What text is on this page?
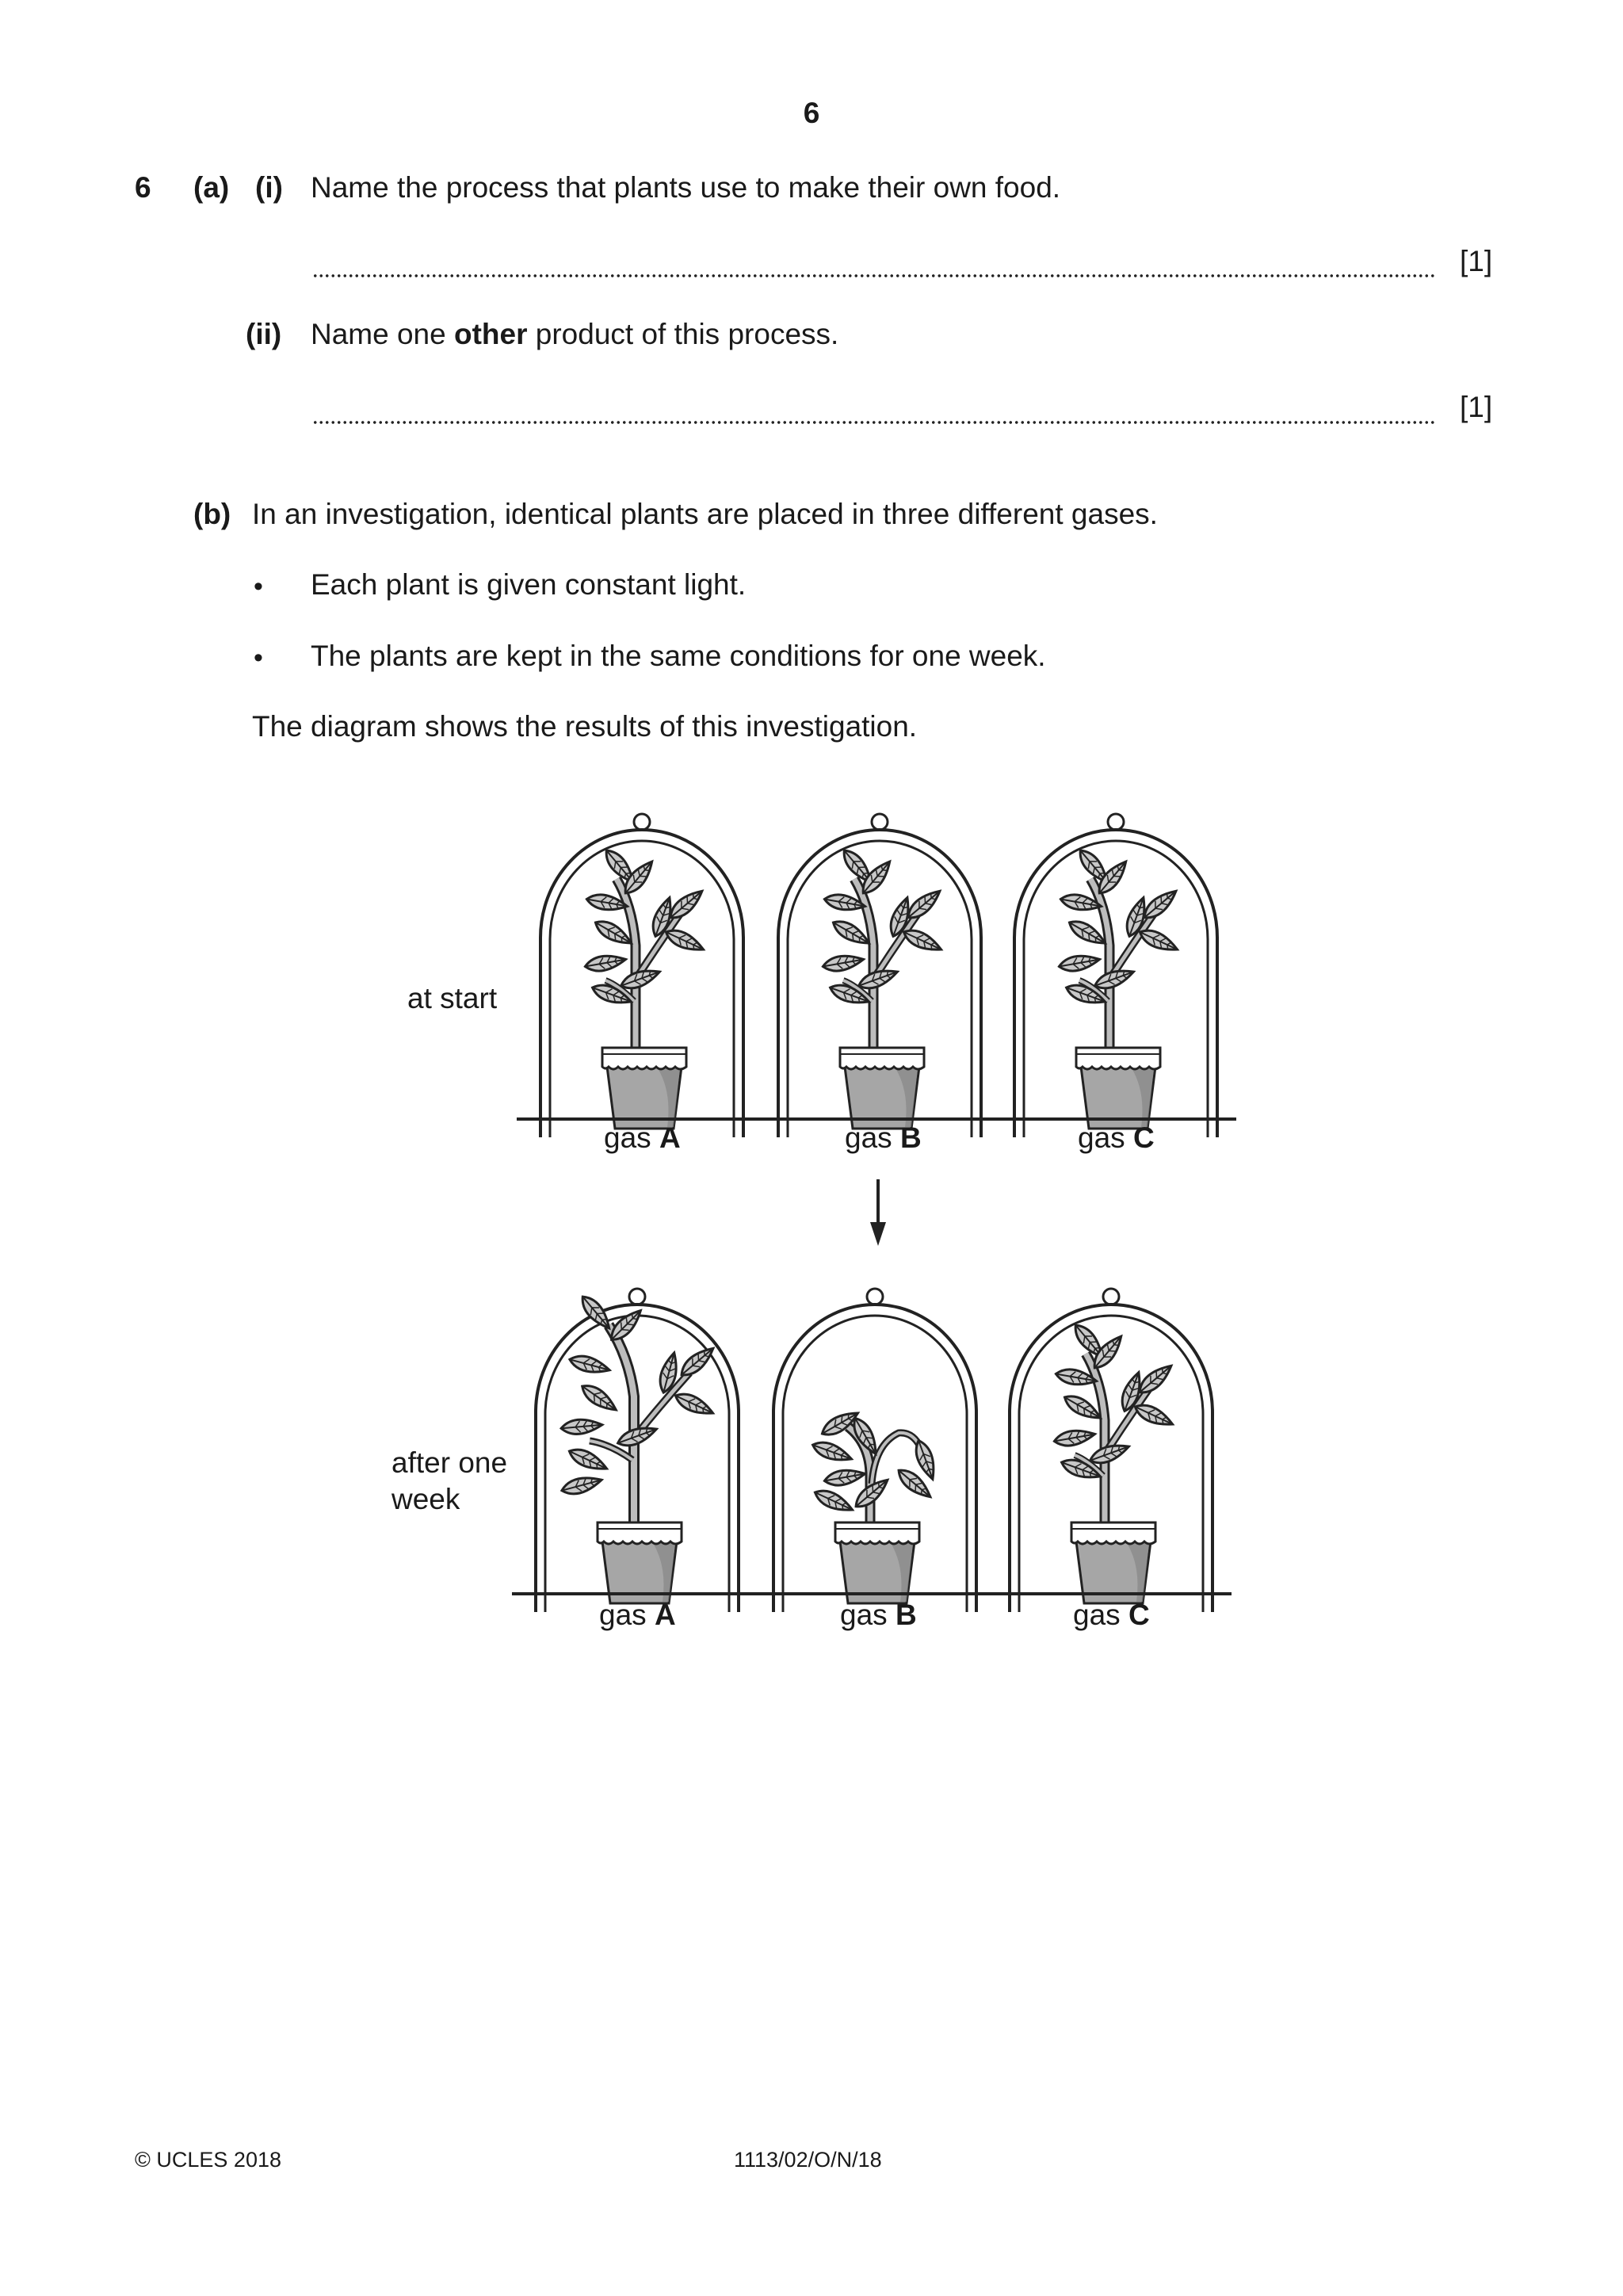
6
6 (a) (i) Name the process that plants use to make their own food.
[1]
(ii) Name one other product of this process.
[1]
(b) In an investigation, identical plants are placed in three different gases.
• Each plant is given constant light.
• The plants are kept in the same conditions for one week.
The diagram shows the results of this investigation.
at start
gas A	gas B	gas C
after one
week
gas A	gas B	gas C
© UCLES 2018	1113/02/O/N/18
